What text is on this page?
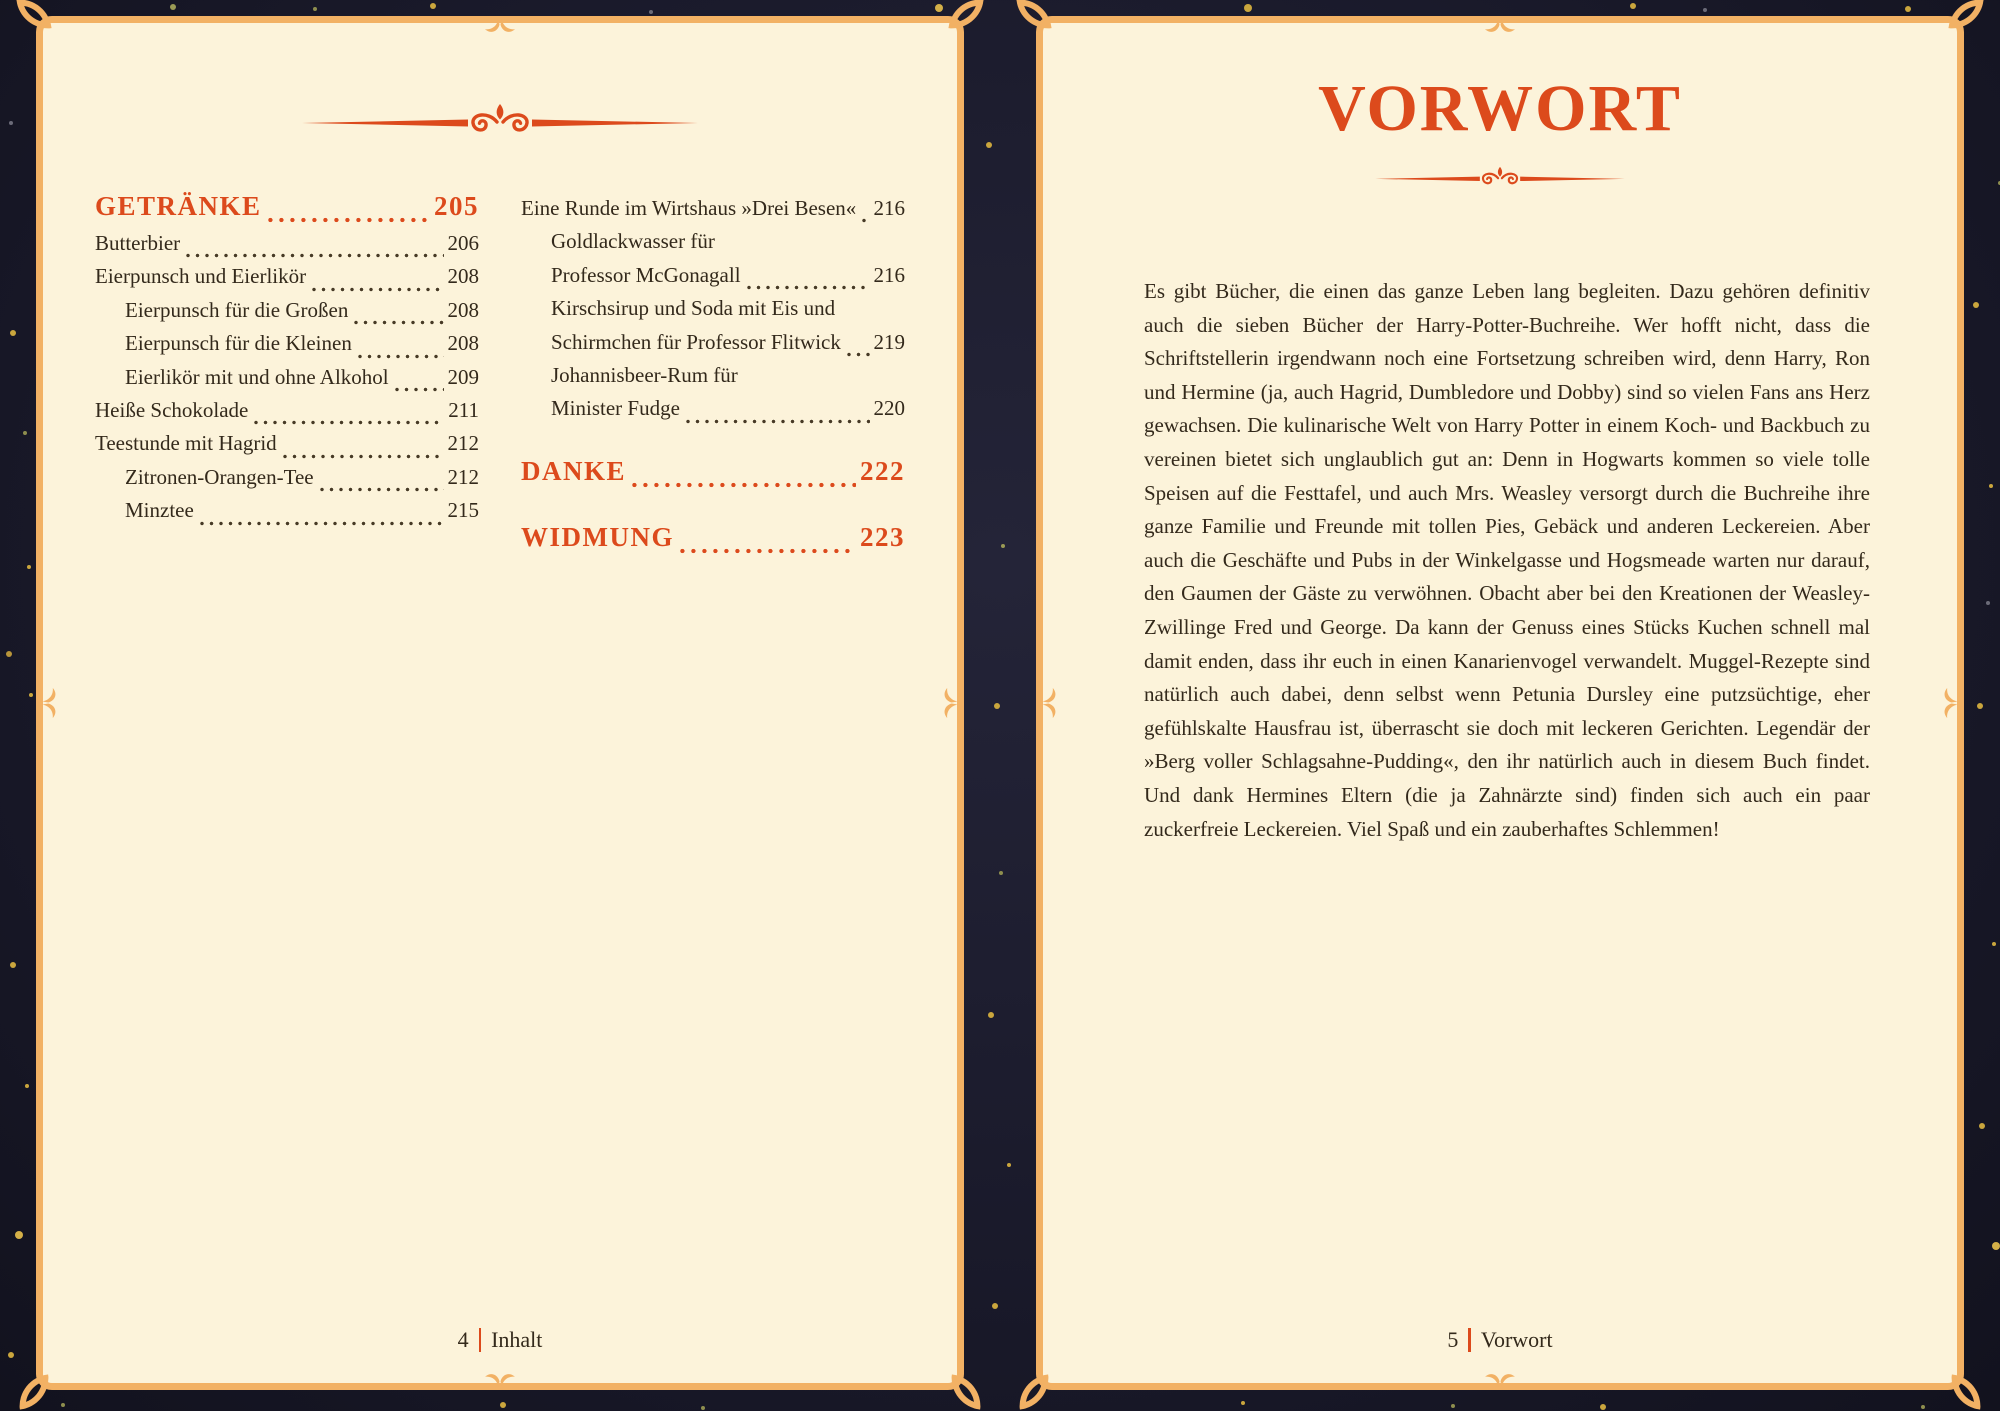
GETRÄNKE	205
Butterbier	206
Eierpunsch und Eierlikör	208
Eierpunsch für die Großen	208
Eierpunsch für die Kleinen	208
Eierlikör mit und ohne Alkohol	209
Heiße Schokolade	211
Teestunde mit Hagrid	212
Zitronen-Orangen-Tee	212
Minztee	215
Eine Runde im Wirtshaus »Drei Besen« 216
Goldlackwasser für
Professor McGonagall	216
Kirschsirup und Soda mit Eis und
Schirmchen für Professor Flitwick 219
Johannisbeer-Rum für
Minister Fudge	220
DANKE	222
WIDMUNG	223
4 Inhalt
VORWORT

Es gibt Bücher, die einen das ganze Leben lang begleiten. Dazu gehören definitiv auch die sieben Bücher der Harry-Potter-Buchreihe. Wer hofft nicht, dass die Schriftstellerin irgendwann noch eine Fortsetzung schreiben wird, denn Harry, Ron und Hermine (ja, auch Hagrid, Dumbledore und Dobby) sind so vielen Fans ans Herz gewachsen. Die kulinarische Welt von Harry Potter in einem Koch- und Backbuch zu vereinen bietet sich unglaublich gut an: Denn in Hogwarts kommen so viele tolle Speisen auf die Festtafel, und auch Mrs. Weasley versorgt durch die Buchreihe ihre ganze Familie und Freunde mit tollen Pies, Gebäck und anderen Leckereien. Aber auch die Geschäfte und Pubs in der Winkelgasse und Hogsmeade warten nur darauf, den Gaumen der Gäste zu verwöhnen. Obacht aber bei den Kreationen der Weasley-Zwillinge Fred und George. Da kann der Genuss eines Stücks Kuchen schnell mal damit enden, dass ihr euch in einen Kanarienvogel verwandelt. Muggel-Rezepte sind natürlich auch dabei, denn selbst wenn Petunia Dursley eine putzsüchtige, eher gefühlskalte Hausfrau ist, überrascht sie doch mit leckeren Gerichten. Legendär der »Berg voller Schlagsahne-Pudding«, den ihr natürlich auch in diesem Buch findet. Und dank Hermines Eltern (die ja Zahnärzte sind) finden sich auch ein paar zuckerfreie Leckereien. Viel Spaß und ein zauberhaftes Schlemmen!

5 Vorwort
